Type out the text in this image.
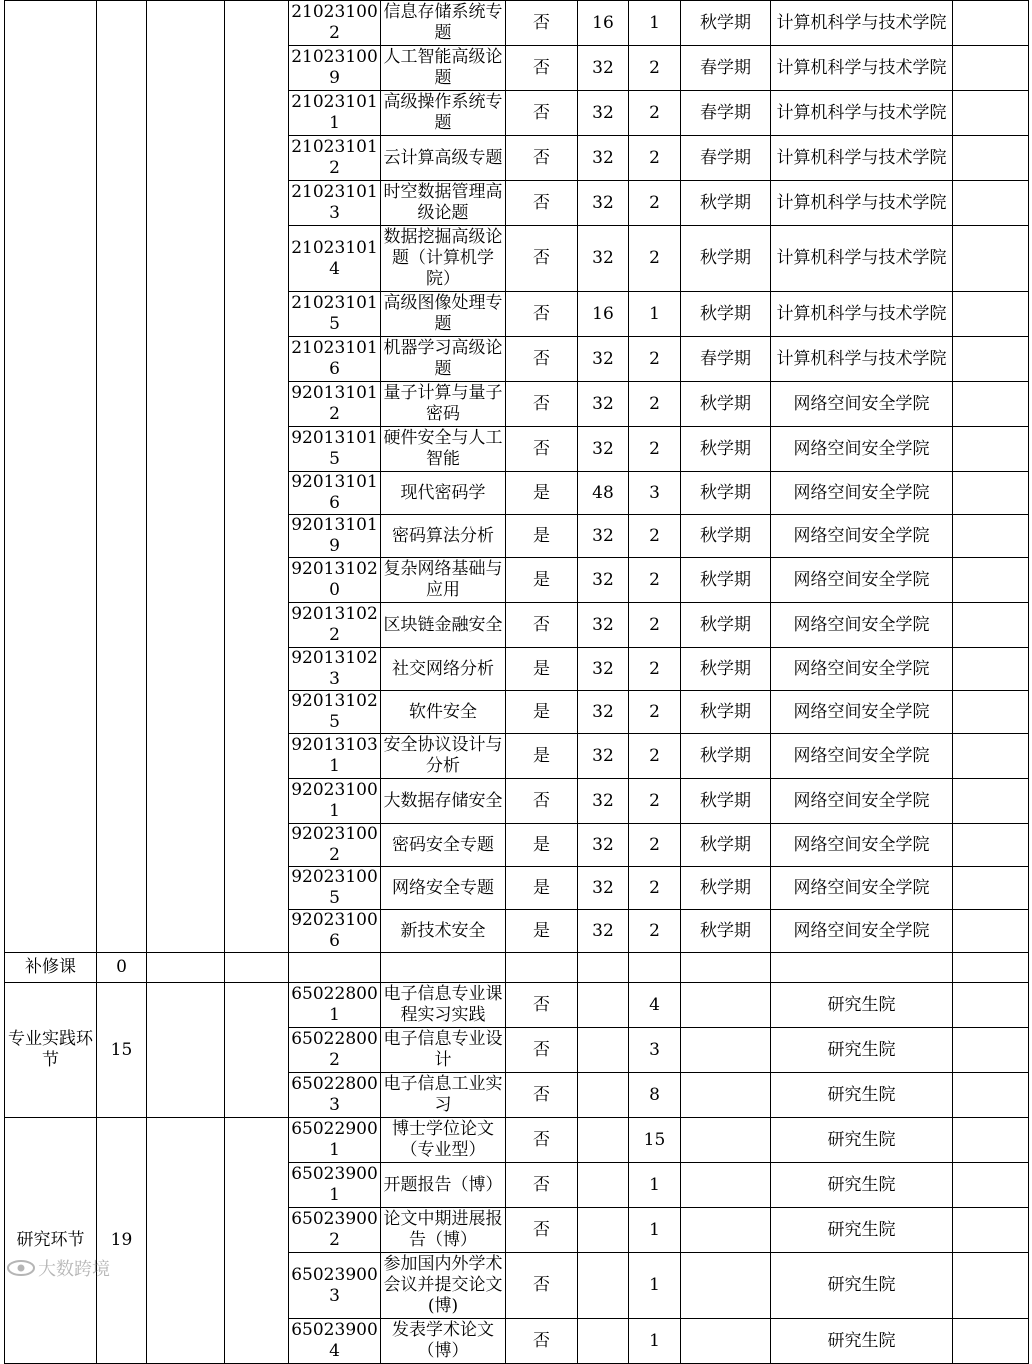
				210231002	信息存储系统专题	否	16	1	秋学期	计算机科学与技术学院	
				210231009	人工智能高级论题	否	32	2	春学期	计算机科学与技术学院	
				210231011	高级操作系统专题	否	32	2	春学期	计算机科学与技术学院	
				210231012	云计算高级专题	否	32	2	春学期	计算机科学与技术学院	
				210231013	时空数据管理高级论题	否	32	2	秋学期	计算机科学与技术学院	
				210231014	数据挖掘高级论题（计算机学院）	否	32	2	秋学期	计算机科学与技术学院	
				210231015	高级图像处理专题	否	16	1	秋学期	计算机科学与技术学院	
				210231016	机器学习高级论题	否	32	2	春学期	计算机科学与技术学院	
				920131012	量子计算与量子密码	否	32	2	秋学期	网络空间安全学院	
				920131015	硬件安全与人工智能	否	32	2	秋学期	网络空间安全学院	
				920131016	现代密码学	是	48	3	秋学期	网络空间安全学院	
				920131019	密码算法分析	是	32	2	秋学期	网络空间安全学院	
				920131020	复杂网络基础与应用	是	32	2	秋学期	网络空间安全学院	
				920131022	区块链金融安全	否	32	2	秋学期	网络空间安全学院	
				920131023	社交网络分析	是	32	2	秋学期	网络空间安全学院	
				920131025	软件安全	是	32	2	秋学期	网络空间安全学院	
				920131031	安全协议设计与分析	是	32	2	秋学期	网络空间安全学院	
				920231001	大数据存储安全	否	32	2	秋学期	网络空间安全学院	
				920231002	密码安全专题	是	32	2	秋学期	网络空间安全学院	
				920231005	网络安全专题	是	32	2	秋学期	网络空间安全学院	
				920231006	新技术安全	是	32	2	秋学期	网络空间安全学院	
补修课	0										
专业实践环节	15			650228001	电子信息专业课程实习实践	否		4		研究生院	
				650228002	电子信息专业设计	否		3		研究生院	
				650228003	电子信息工业实习	否		8		研究生院	
研究环节	19			650229001	博士学位论文（专业型）	否		15		研究生院	
				650239001	开题报告（博）	否		1		研究生院	
				650239002	论文中期进展报告（博）	否		1		研究生院	
				650239003	参加国内外学术会议并提交论文(博)	否		1		研究生院	
				650239004	发表学术论文（博）	否		1		研究生院	
大数跨境
